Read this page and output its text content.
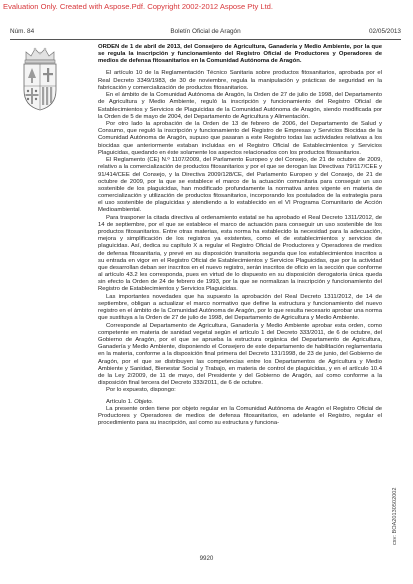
Evaluation Only. Created with Aspose.Pdf. Copyright 2002-2012 Aspose Pty Ltd.
Núm. 84	Boletín Oficial de Aragón	02/05/2013
ORDEN de 1 de abril de 2013, del Consejero de Agricultura, Ganadería y Medio Ambiente, por la que se regula la inscripción y funcionamiento del Registro Oficial de Productores y Operadores de medios de defensa fitosanitarios en la Comunidad Autónoma de Aragón.
El artículo 10 de la Reglamentación Técnico Sanitaria sobre productos fitosanitarios, aprobada por el Real Decreto 3349/1983, de 30 de noviembre, regula la manipulación y prácticas de seguridad en la fabricación y comercialización de productos fitosanitarios.
En el ámbito de la Comunidad Autónoma de Aragón, la Orden de 27 de julio de 1998, del Departamento de Agricultura y Medio Ambiente, reguló la inscripción y funcionamiento del Registro Oficial de Establecimientos y Servicios de Plaguicidas de la Comunidad Autónoma de Aragón, siendo modificada por la Orden de 5 de mayo de 2004, del Departamento de Agricultura y Alimentación.
Por otro lado la aprobación de la Orden de 13 de febrero de 2006, del Departamento de Salud y Consumo, que reguló la inscripción y funcionamiento del Registro de Empresas y Servicios Biocidas de la Comunidad Autónoma de Aragón, supuso que pasaran a este Registro todas las actividades relativas a los biocidas que anteriormente estaban incluidas en el Registro Oficial de Establecimientos y Servicios Plaguicidas, quedando en éste solamente los aspectos relacionados con los productos fitosanitarios.
El Reglamento (CE) N.º 1107/2009, del Parlamento Europeo y del Consejo, de 21 de octubre de 2009, relativo a la comercialización de productos fitosanitarios y por el que se derogan las Directivas 79/117/CEE y 91/414/CEE del Consejo, y la Directiva 2009/128/CE, del Parlamento Europeo y del Consejo, de 21 de octubre de 2009, por la que se establece el marco de la actuación comunitaria para conseguir un uso sostenible de los plaguicidas, han modificado profundamente la normativa antes vigente en materia de comercialización y utilización de productos fitosanitarios, incorporando los postulados de la estrategia para el uso sostenible de plaguicidas y atendiendo a lo establecido en el VI Programa Comunitario de Acción Medioambiental.
Para trasponer la citada directiva al ordenamiento estatal se ha aprobado el Real Decreto 1311/2012, de 14 de septiembre, por el que se establece el marco de actuación para conseguir un uso sostenible de los productos fitosanitarios. Entre otras materias, esta norma ha establecido la necesidad para la adecuación, mejora y simplificación de los registros ya existentes, como el de establecimientos y servicios de plaguicidas. Así, dedica su capítulo X a regular el Registro Oficial de Productores y Operadores de medios de defensa fitosanitaria, y prevé en su disposición transitoria segunda que los establecimientos inscritos a su entrada en vigor en el Registro Oficial de Establecimientos y Servicios Plaguicidas, que por la actividad que desarrollan deban ser inscritos en el nuevo registro, serán inscritos de oficio en la sección que conforme al artículo 43.2 les corresponda, pues en virtud de lo dispuesto en su disposición derogatoria única queda sin efecto la Orden de 24 de febrero de 1993, por la que se normalizan la inscripción y funcionamiento del Registro de Establecimientos y Servicios Plaguicidas.
Las importantes novedades que ha supuesto la aprobación del Real Decreto 1311/2012, de 14 de septiembre, obligan a actualizar el marco normativo que define la estructura y funcionamiento del nuevo registro en el ámbito de la Comunidad Autónoma de Aragón, por lo que resulta necesario aprobar una norma que sustituya a la Orden de 27 de julio de 1998, del Departamento de Agricultura y Medio Ambiente.
Corresponde al Departamento de Agricultura, Ganadería y Medio Ambiente aprobar esta orden, como competente en materia de sanidad vegetal según el artículo 1 del Decreto 333/2011, de 6 de octubre, del Gobierno de Aragón, por el que se aprueba la estructura orgánica del Departamento de Agricultura, Ganadería y Medio Ambiente, disponiendo el Consejero de este departamento de habilitación reglamentaria en la materia, conforme a la disposición final primera del Decreto 131/1998, de 23 de junio, del Gobierno de Aragón, por el que se distribuyen las competencias entre los Departamentos de Agricultura y Medio Ambiente y Sanidad, Bienestar Social y Trabajo, en materia de control de plaguicidas, y en el artículo 10.4 de la Ley 2/2009, de 11 de mayo, del Presidente y del Gobierno de Aragón, así como conforme a la disposición final tercera del Decreto 333/2011, de 6 de octubre.
Por lo expuesto, dispongo:
Artículo 1. Objeto.
La presente orden tiene por objeto regular en la Comunidad Autónoma de Aragón el Registro Oficial de Productores y Operadores de medios de defensa fitosanitarios, en adelante el Registro, regular el procedimiento para su inscripción, así como su estructura y funciona-
csv: BOA20130502002
9920
